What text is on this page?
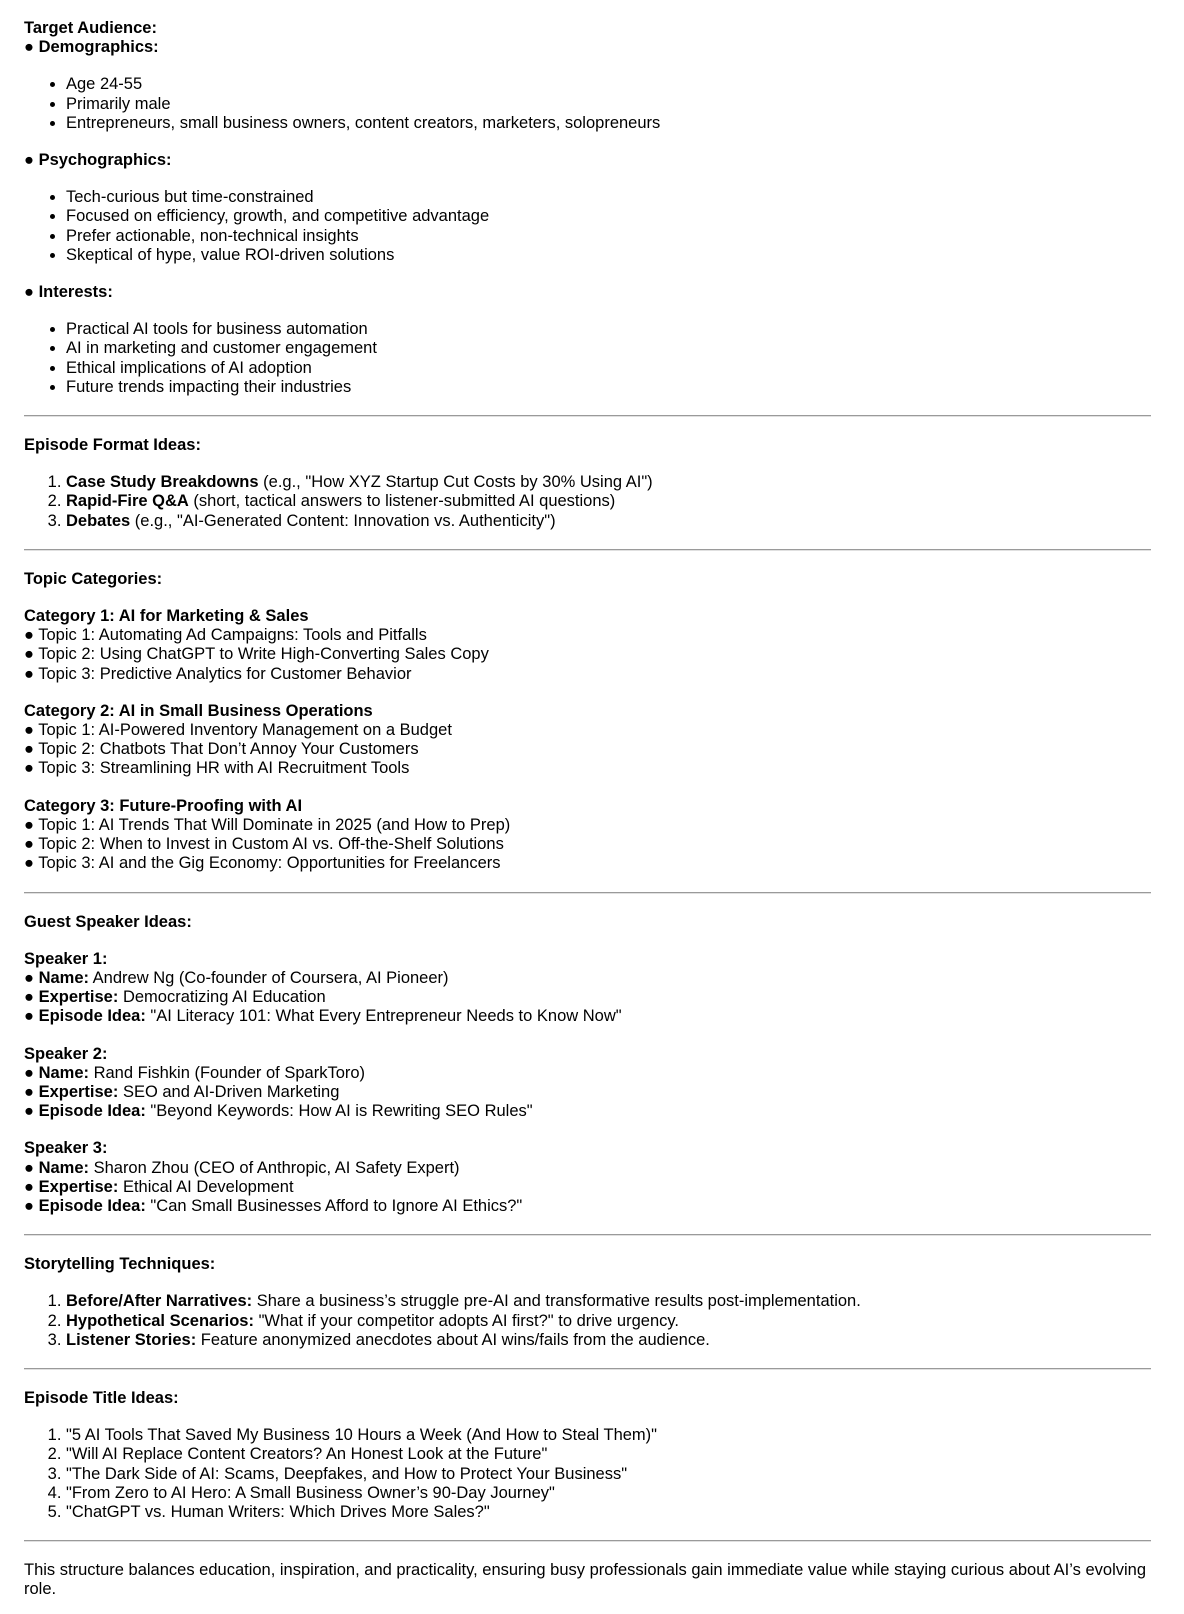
Target Audience:
● Demographics:
• Age 24-55
• Primarily male
• Entrepreneurs, small business owners, content creators, marketers, solopreneurs
● Psychographics:
• Tech-curious but time-constrained
• Focused on efficiency, growth, and competitive advantage
• Prefer actionable, non-technical insights
• Skeptical of hype, value ROI-driven solutions
● Interests:
• Practical AI tools for business automation
• AI in marketing and customer engagement
• Ethical implications of AI adoption
• Future trends impacting their industries
Episode Format Ideas:
1. Case Study Breakdowns (e.g., "How XYZ Startup Cut Costs by 30% Using AI")
2. Rapid-Fire Q&A (short, tactical answers to listener-submitted AI questions)
3. Debates (e.g., "AI-Generated Content: Innovation vs. Authenticity")
Topic Categories:
Category 1: AI for Marketing & Sales
● Topic 1: Automating Ad Campaigns: Tools and Pitfalls
● Topic 2: Using ChatGPT to Write High-Converting Sales Copy
● Topic 3: Predictive Analytics for Customer Behavior
Category 2: AI in Small Business Operations
● Topic 1: AI-Powered Inventory Management on a Budget
● Topic 2: Chatbots That Don’t Annoy Your Customers
● Topic 3: Streamlining HR with AI Recruitment Tools
Category 3: Future-Proofing with AI
● Topic 1: AI Trends That Will Dominate in 2025 (and How to Prep)
● Topic 2: When to Invest in Custom AI vs. Off-the-Shelf Solutions
● Topic 3: AI and the Gig Economy: Opportunities for Freelancers
Guest Speaker Ideas:
Speaker 1:
● Name: Andrew Ng (Co-founder of Coursera, AI Pioneer)
● Expertise: Democratizing AI Education
● Episode Idea: "AI Literacy 101: What Every Entrepreneur Needs to Know Now"
Speaker 2:
● Name: Rand Fishkin (Founder of SparkToro)
● Expertise: SEO and AI-Driven Marketing
● Episode Idea: "Beyond Keywords: How AI is Rewriting SEO Rules"
Speaker 3:
● Name: Sharon Zhou (CEO of Anthropic, AI Safety Expert)
● Expertise: Ethical AI Development
● Episode Idea: "Can Small Businesses Afford to Ignore AI Ethics?"
Storytelling Techniques:
1. Before/After Narratives: Share a business’s struggle pre-AI and transformative results post-implementation.
2. Hypothetical Scenarios: "What if your competitor adopts AI first?" to drive urgency.
3. Listener Stories: Feature anonymized anecdotes about AI wins/fails from the audience.
Episode Title Ideas:
1. "5 AI Tools That Saved My Business 10 Hours a Week (And How to Steal Them)"
2. "Will AI Replace Content Creators? An Honest Look at the Future"
3. "The Dark Side of AI: Scams, Deepfakes, and How to Protect Your Business"
4. "From Zero to AI Hero: A Small Business Owner’s 90-Day Journey"
5. "ChatGPT vs. Human Writers: Which Drives More Sales?"

This structure balances education, inspiration, and practicality, ensuring busy professionals gain immediate value while staying curious about AI’s evolving role.
